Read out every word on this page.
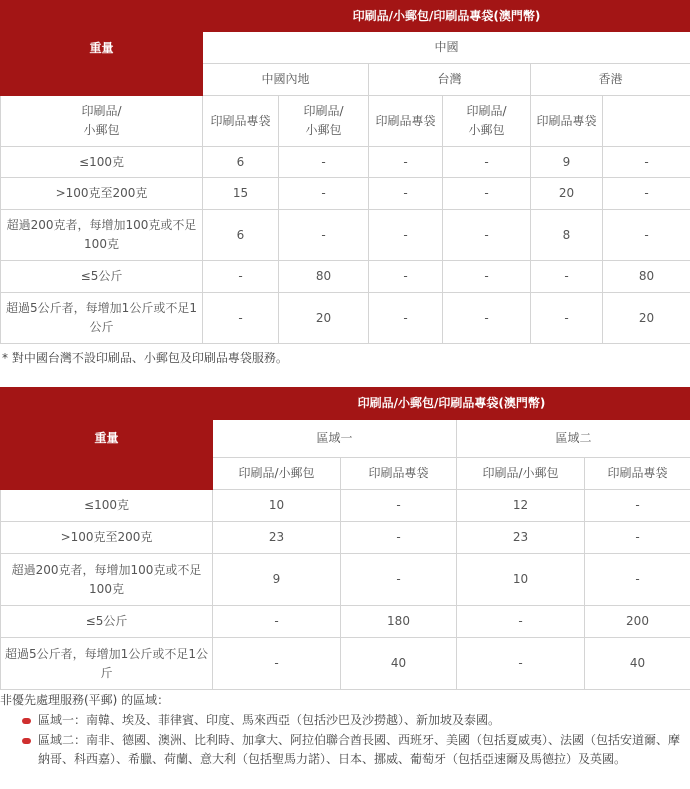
重量	印刷品/小郵包/印刷品專袋(澳門幣)					
	中國					
	中國內地		台灣		香港	
印刷品/
小郵包	印刷品專袋	印刷品/
小郵包	印刷品專袋	印刷品/
小郵包	印刷品專袋	
≤100克	6	-	-	-	9	-
>100克至200克	15	-	-	-	20	-
超過200克者，每增加100克或不足100克	6	-	-	-	8	-
≤5公斤	-	80	-	-	-	80
超過5公斤者，每增加1公斤或不足1公斤	-	20	-	-	-	20
* 對中國台灣不設印刷品、小郵包及印刷品專袋服務。
重量	印刷品/小郵包/印刷品專袋(澳門幣)			
	區域一		區域二	
	印刷品/小郵包	印刷品專袋	印刷品/小郵包	印刷品專袋
≤100克	10	-	12	-
>100克至200克	23	-	23	-
超過200克者，每增加100克或不足100克	9	-	10	-
≤5公斤	-	180	-	200
超過5公斤者，每增加1公斤或不足1公斤	-	40	-	40
非優先處理服務(平郵) 的區域：
區域一：南韓、埃及、菲律賓、印度、馬來西亞（包括沙巴及沙撈越）、新加坡及泰國。
區域二：南非、德國、澳洲、比利時、加拿大、阿拉伯聯合酋長國、西班牙、美國（包括夏威夷）、法國（包括安道爾、摩納哥、科西嘉）、希臘、荷蘭、意大利（包括聖馬力諾）、日本、挪威、葡萄牙（包括亞速爾及馬德拉）及英國。
